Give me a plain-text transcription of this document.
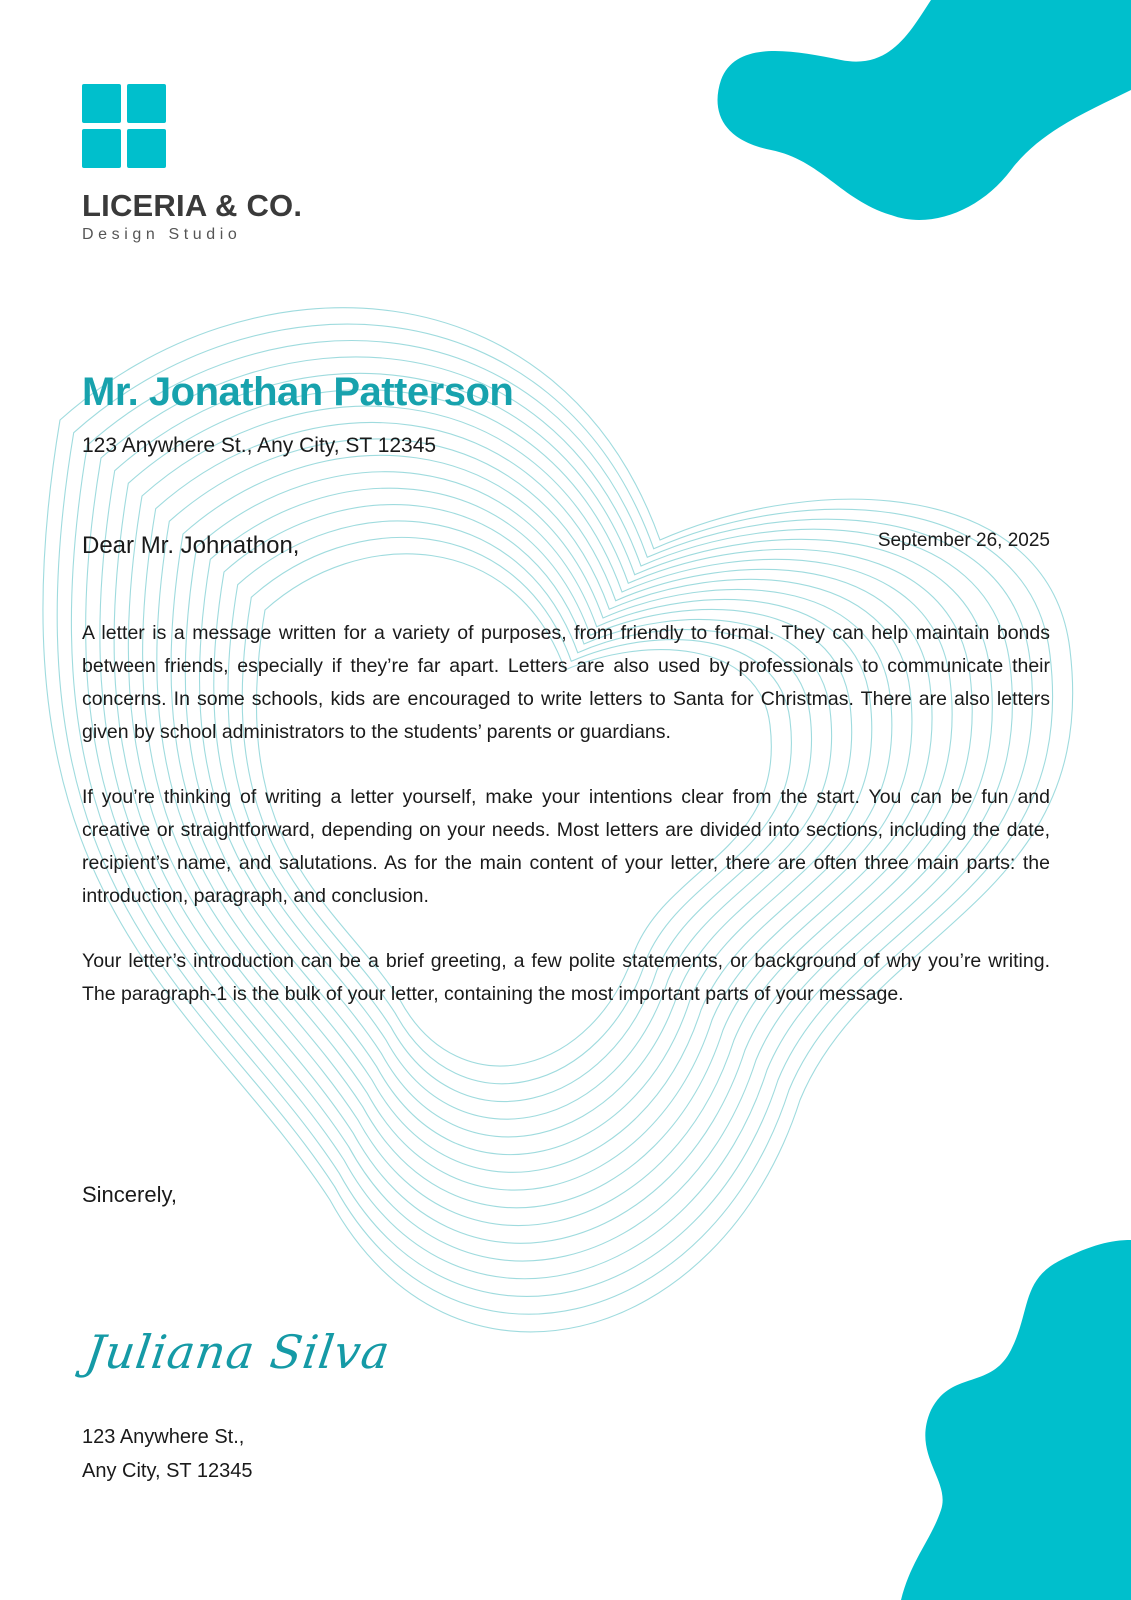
LICERIA & CO.
Design Studio
Mr. Jonathan Patterson
123 Anywhere St., Any City, ST 12345
Dear Mr. Johnathon,	September 26, 2025

A letter is a message written for a variety of purposes, from friendly to formal. They can help maintain bonds between friends, especially if they’re far apart. Letters are also used by professionals to communicate their concerns. In some schools, kids are encouraged to write letters to Santa for Christmas. There are also letters given by school administrators to the students’ parents or guardians.

If you’re thinking of writing a letter yourself, make your intentions clear from the start. You can be fun and creative or straightforward, depending on your needs. Most letters are divided into sections, including the date, recipient’s name, and salutations. As for the main content of your letter, there are often three main parts: the introduction, paragraph, and conclusion.

Your letter’s introduction can be a brief greeting, a few polite statements, or background of why you’re writing. The paragraph-1 is the bulk of your letter, containing the most important parts of your message.

Sincerely,
Juliana Silva
123 Anywhere St.,
Any City, ST 12345
